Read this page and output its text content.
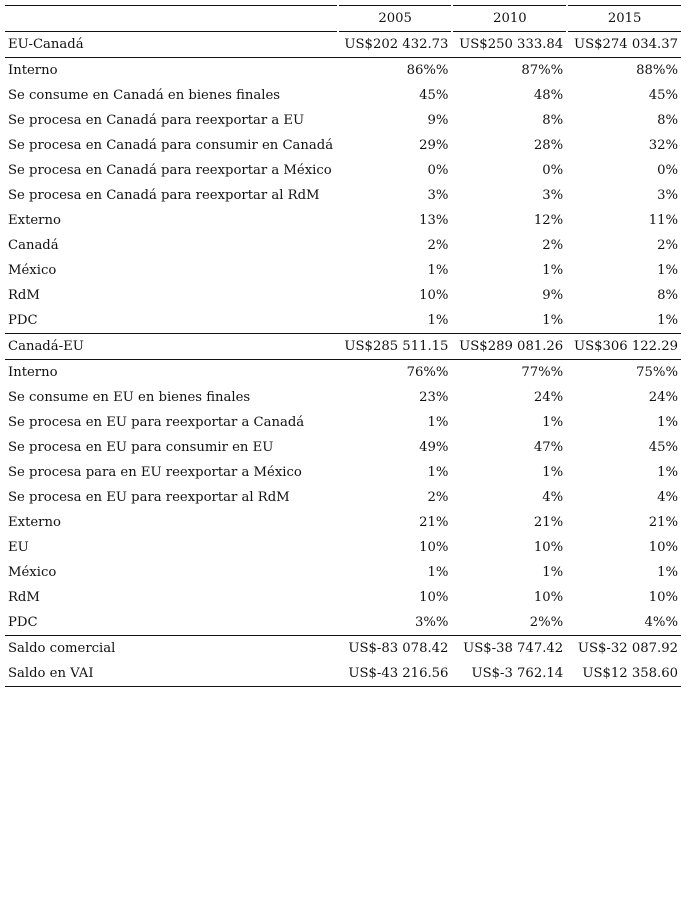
		2005		2010		2015
EU-Canadá		US$202 432.73		US$250 333.84		US$274 034.37
Interno		86%%		87%%		88%%
Se consume en Canadá en bienes finales		45%		48%		45%
Se procesa en Canadá para reexportar a EU		9%		8%		8%
Se procesa en Canadá para consumir en Canadá		29%		28%		32%
Se procesa en Canadá para reexportar a México		0%		0%		0%
Se procesa en Canadá para reexportar al RdM		3%		3%		3%
Externo		13%		12%		11%
Canadá		2%		2%		2%
México		1%		1%		1%
RdM		10%		9%		8%
PDC		1%		1%		1%
Canadá-EU		US$285 511.15		US$289 081.26		US$306 122.29
Interno		76%%		77%%		75%%
Se consume en EU en bienes finales		23%		24%		24%
Se procesa en EU para reexportar a Canadá		1%		1%		1%
Se procesa en EU para consumir en EU		49%		47%		45%
Se procesa para en EU reexportar a México		1%		1%		1%
Se procesa en EU para reexportar al RdM		2%		4%		4%
Externo		21%		21%		21%
EU		10%		10%		10%
México		1%		1%		1%
RdM		10%		10%		10%
PDC		3%%		2%%		4%%
Saldo comercial		US$-83 078.42		US$-38 747.42		US$-32 087.92
Saldo en VAI		US$-43 216.56		US$-3 762.14		US$12 358.60
